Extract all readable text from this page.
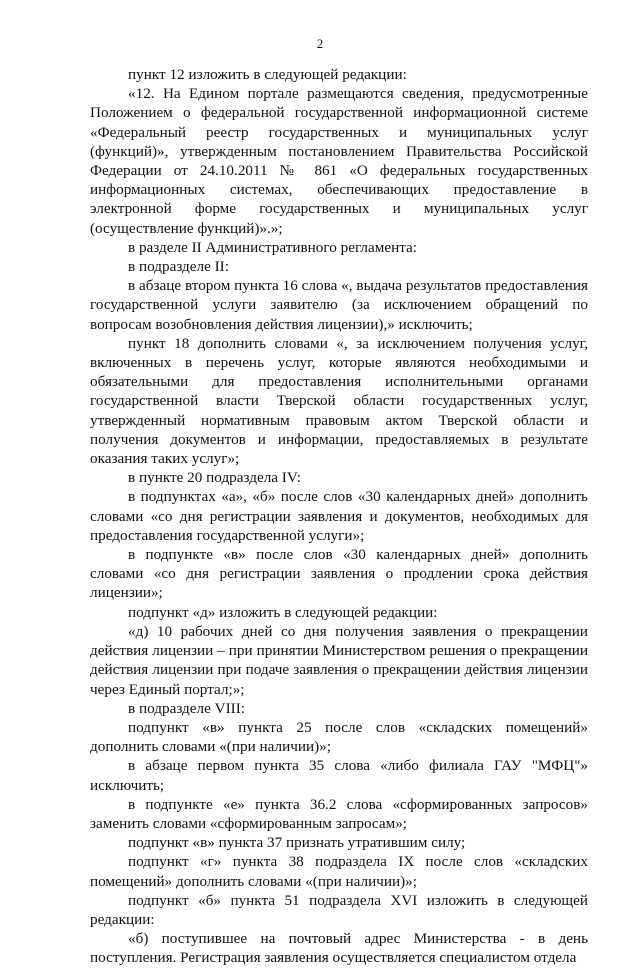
2

пункт 12 изложить в следующей редакции:

«12. На Едином портале размещаются сведения, предусмотренные Положением о федеральной государственной информационной системе «Федеральный реестр государственных и муниципальных услуг (функций)», утвержденным постановлением Правительства Российской Федерации от 24.10.2011 № 861 «О федеральных государственных информационных системах, обеспечивающих предоставление в электронной форме государственных и муниципальных услуг (осуществление функций)».»;

в разделе II Административного регламента:

в подразделе II:

в абзаце втором пункта 16 слова «, выдача результатов предоставления государственной услуги заявителю (за исключением обращений по вопросам возобновления действия лицензии),» исключить;

пункт 18 дополнить словами «, за исключением получения услуг, включенных в перечень услуг, которые являются необходимыми и обязательными для предоставления исполнительными органами государственной власти Тверской области государственных услуг, утвержденный нормативным правовым актом Тверской области и получения документов и информации, предоставляемых в результате оказания таких услуг»;

в пункте 20 подраздела IV:

в подпунктах «а», «б» после слов «30 календарных дней» дополнить словами «со дня регистрации заявления и документов, необходимых для предоставления государственной услуги»;

в подпункте «в» после слов «30 календарных дней» дополнить словами «со дня регистрации заявления о продлении срока действия лицензии»;

подпункт «д» изложить в следующей редакции:

«д) 10 рабочих дней со дня получения заявления о прекращении действия лицензии – при принятии Министерством решения о прекращении действия лицензии при подаче заявления о прекращении действия лицензии через Единый портал;»;

в подразделе VIII:

подпункт «в» пункта 25 после слов «складских помещений» дополнить словами «(при наличии)»;

в абзаце первом пункта 35 слова «либо филиала ГАУ "МФЦ"» исключить;

в подпункте «е» пункта 36.2 слова «сформированных запросов» заменить словами «сформированным запросам»;

подпункт «в» пункта 37 признать утратившим силу;

подпункт «г» пункта 38 подраздела IX после слов «складских помещений» дополнить словами «(при наличии)»;

подпункт «б» пункта 51 подраздела XVI изложить в следующей редакции:

«б) поступившее на почтовый адрес Министерства - в день поступления. Регистрация заявления осуществляется специалистом отдела
